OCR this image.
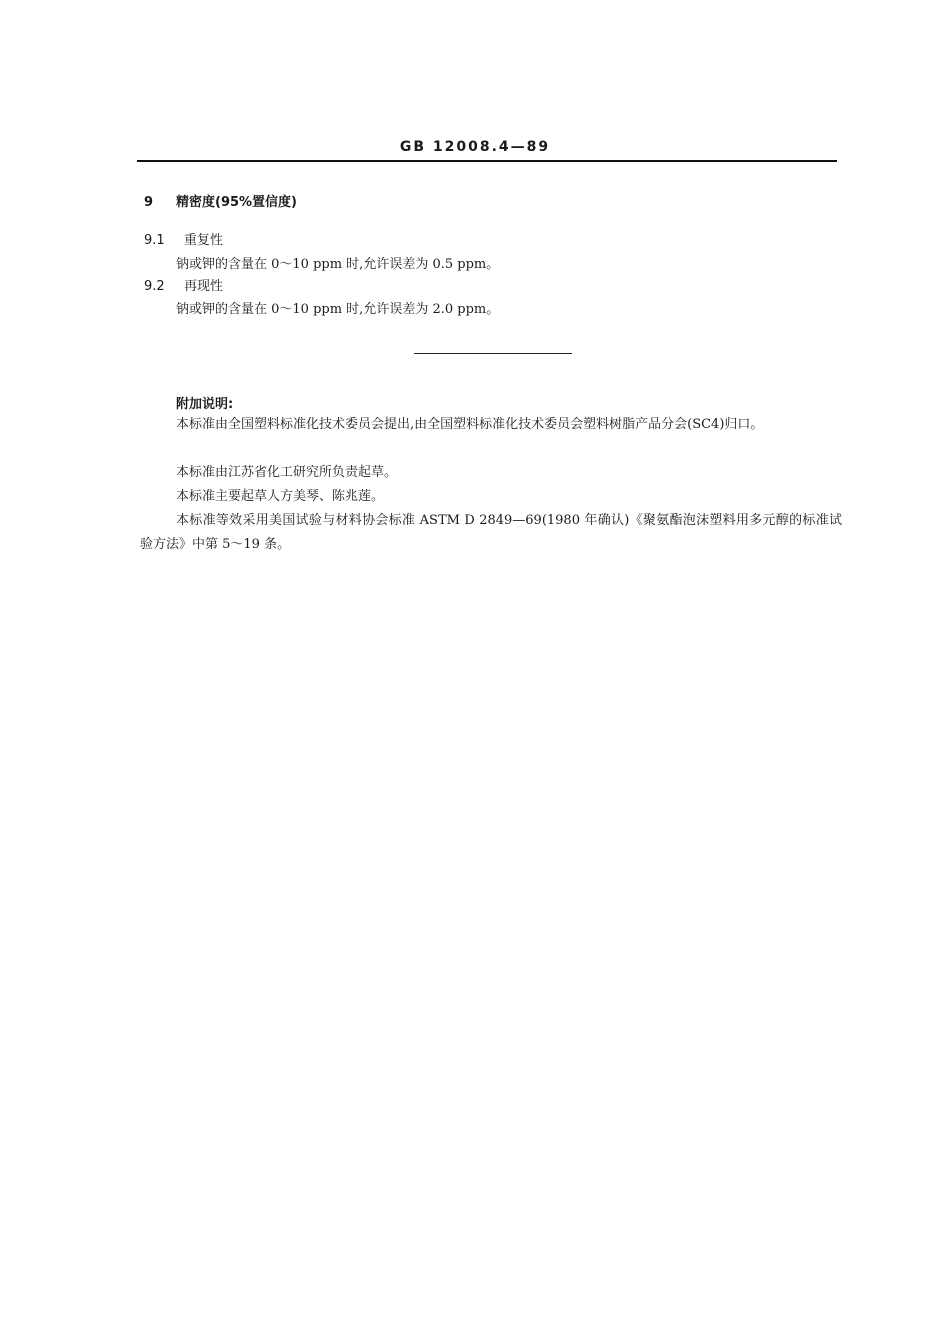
GB 12008.4—89
9 精密度(95%置信度)
9.1 重复性
钠或钾的含量在 0～10 ppm 时,允许误差为 0.5 ppm。
9.2 再现性
钠或钾的含量在 0～10 ppm 时,允许误差为 2.0 ppm。
附加说明:
本标准由全国塑料标准化技术委员会提出,由全国塑料标准化技术委员会塑料树脂产品分会(SC4)归口。
本标准由江苏省化工研究所负责起草。
本标准主要起草人方美琴、陈兆莲。
本标准等效采用美国试验与材料协会标准 ASTM D 2849—69(1980 年确认)《聚氨酯泡沫塑料用多元醇的标准试验方法》中第 5～19 条。
